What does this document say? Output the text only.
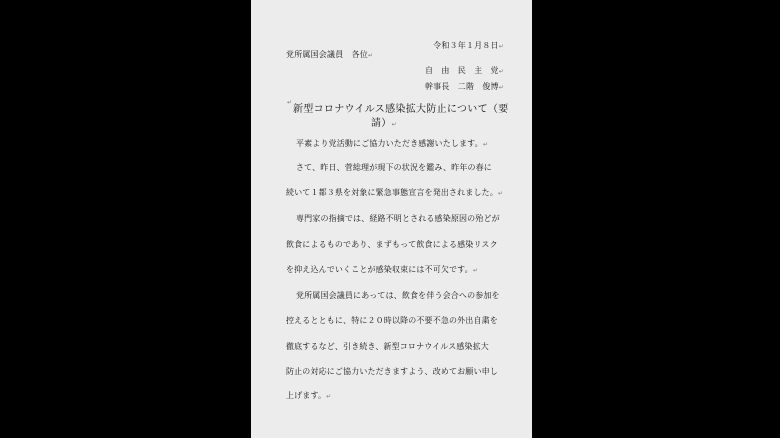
令和３年１月８日↵
党所属国会議員　各位↵
自　由　民　主　党↵
幹事長　二階　俊博↵
↵
新型コロナウイルス感染拡大防止について（要
請）↵
平素より党活動にご協力いただき感謝いたします。↵
さて、昨日、菅総理が現下の状況を鑑み、昨年の春に
続いて１都３県を対象に緊急事態宣言を発出されました。↵
専門家の指摘では、経路不明とされる感染原因の殆どが
飲食によるものであり、まずもって飲食による感染リスク
を抑え込んでいくことが感染収束には不可欠です。↵
党所属国会議員にあっては、飲食を伴う会合への参加を
控えるとともに、特に２０時以降の不要不急の外出自粛を
徹底するなど、引き続き、新型コロナウイルス感染拡大
防止の対応にご協力いただきますよう、改めてお願い申し
上げます。↵
